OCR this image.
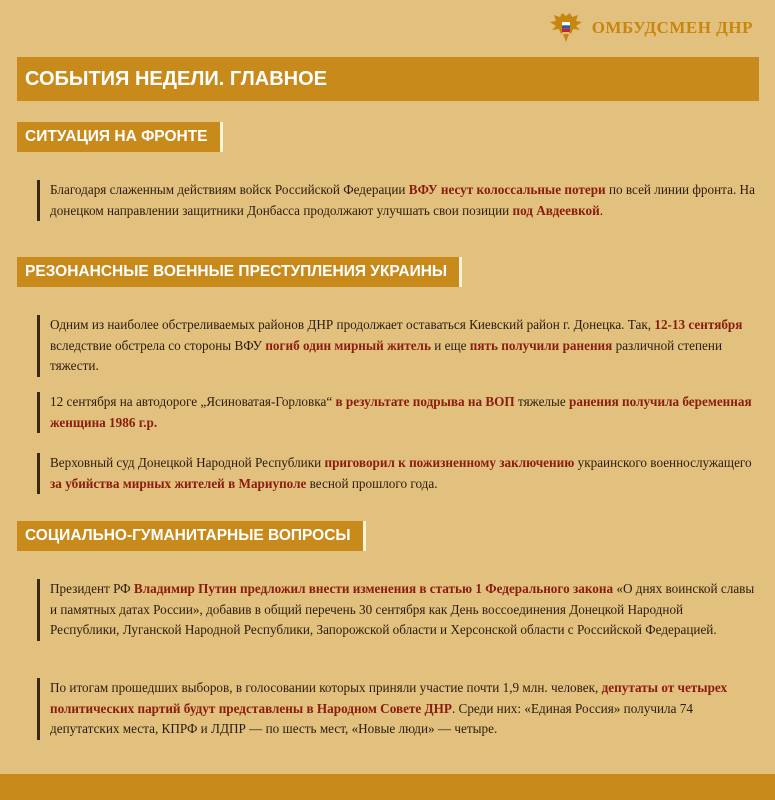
ОМБУДСМЕН ДНР
СОБЫТИЯ НЕДЕЛИ. ГЛАВНОЕ
СИТУАЦИЯ НА ФРОНТЕ
Благодаря слаженным действиям войск Российской Федерации ВФУ несут колоссальные потери по всей линии фронта. На донецком направлении защитники Донбасса продолжают улучшать свои позиции под Авдеевкой.
РЕЗОНАНСНЫЕ ВОЕННЫЕ ПРЕСТУПЛЕНИЯ УКРАИНЫ
Одним из наиболее обстреливаемых районов ДНР продолжает оставаться Киевский район г. Донецка. Так, 12-13 сентября вследствие обстрела со стороны ВФУ погиб один мирный житель и еще пять получили ранения различной степени тяжести.
12 сентября на автодороге „Ясиноватая-Горловка“ в результате подрыва на ВОП тяжелые ранения получила беременная женщина 1986 г.р.
Верховный суд Донецкой Народной Республики приговорил к пожизненному заключению украинского военнослужащего за убийства мирных жителей в Мариуполе весной прошлого года.
СОЦИАЛЬНО-ГУМАНИТАРНЫЕ ВОПРОСЫ
Президент РФ Владимир Путин предложил внести изменения в статью 1 Федерального закона «О днях воинской славы и памятных датах России», добавив в общий перечень 30 сентября как День воссоединения Донецкой Народной Республики, Луганской Народной Республики, Запорожской области и Херсонской области с Российской Федерацией.
По итогам прошедших выборов, в голосовании которых приняли участие почти 1,9 млн. человек, депутаты от четырех политических партий будут представлены в Народном Совете ДНР. Среди них: «Единая Россия» получила 74 депутатских места, КПРФ и ЛДПР — по шесть мест, «Новые люди» — четыре.
